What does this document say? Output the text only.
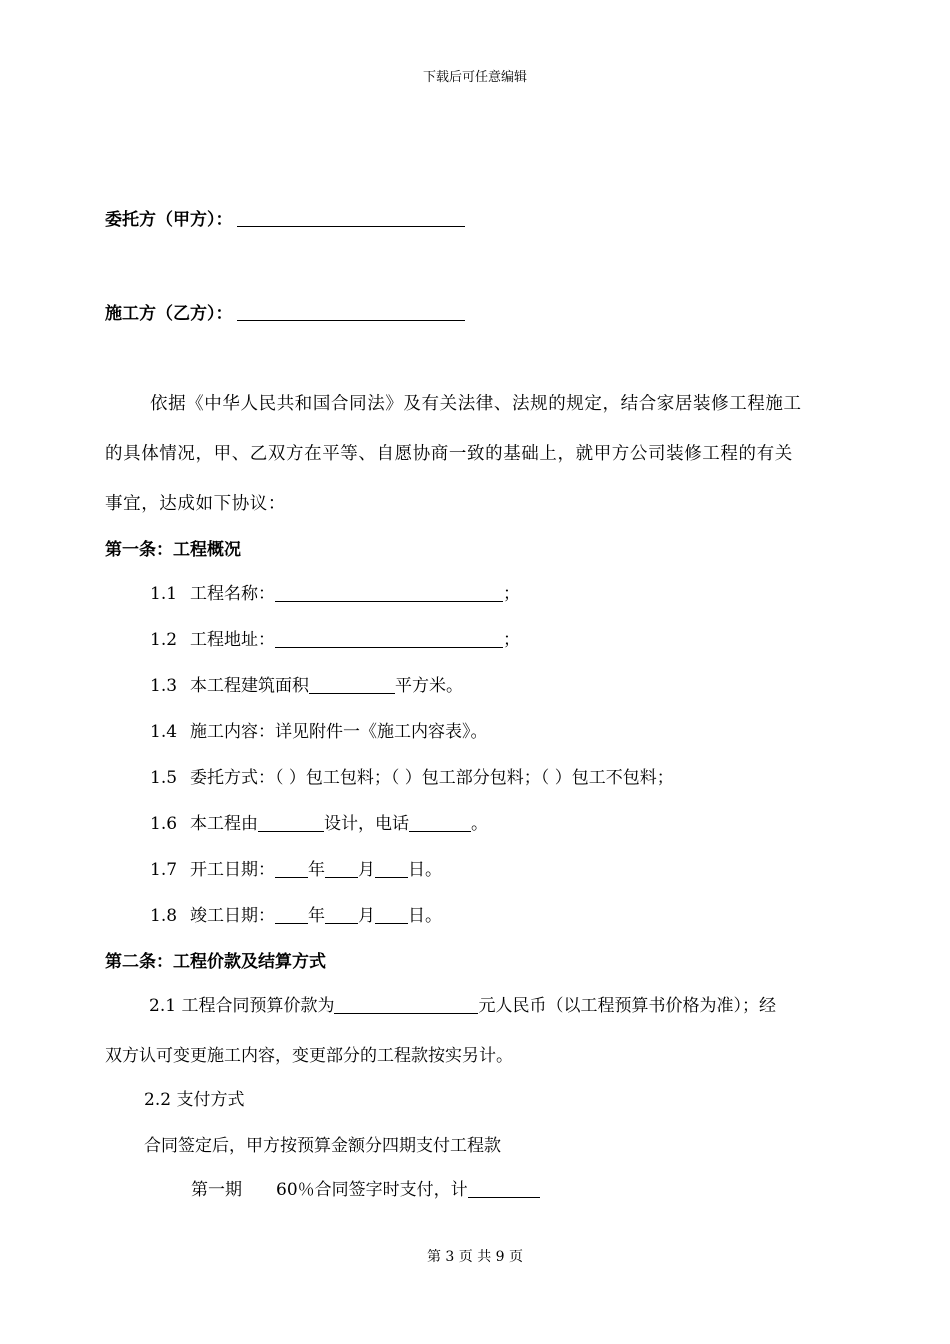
下载后可任意编辑
委托方（甲方）：
施工方（乙方）：
依据《中华人民共和国合同法》及有关法律、法规的规定，结合家居装修工程施工
的具体情况，甲、乙双方在平等、自愿协商一致的基础上，就甲方公司装修工程的有关
事宜，达成如下协议：
第一条：工程概况
1.1 工程名称：	；
1.2 工程地址：	；
1.3 本工程建筑面积	平方米。
1.4 施工内容：详见附件一《施工内容表》。
1.5 委托方式：（ ）包工包料；（ ）包工部分包料；（ ）包工不包料；
1.6 本工程由	设计，电话	。
1.7 开工日期： 年 月 日。
1.8 竣工日期： 年 月 日。
第二条：工程价款及结算方式
2.1 工程合同预算价款为	元人民币（以工程预算书价格为准）；经
双方认可变更施工内容，变更部分的工程款按实另计。
2.2 支付方式
合同签定后，甲方按预算金额分四期支付工程款
第一期 60％合同签字时支付，计
第 3 页 共 9 页
